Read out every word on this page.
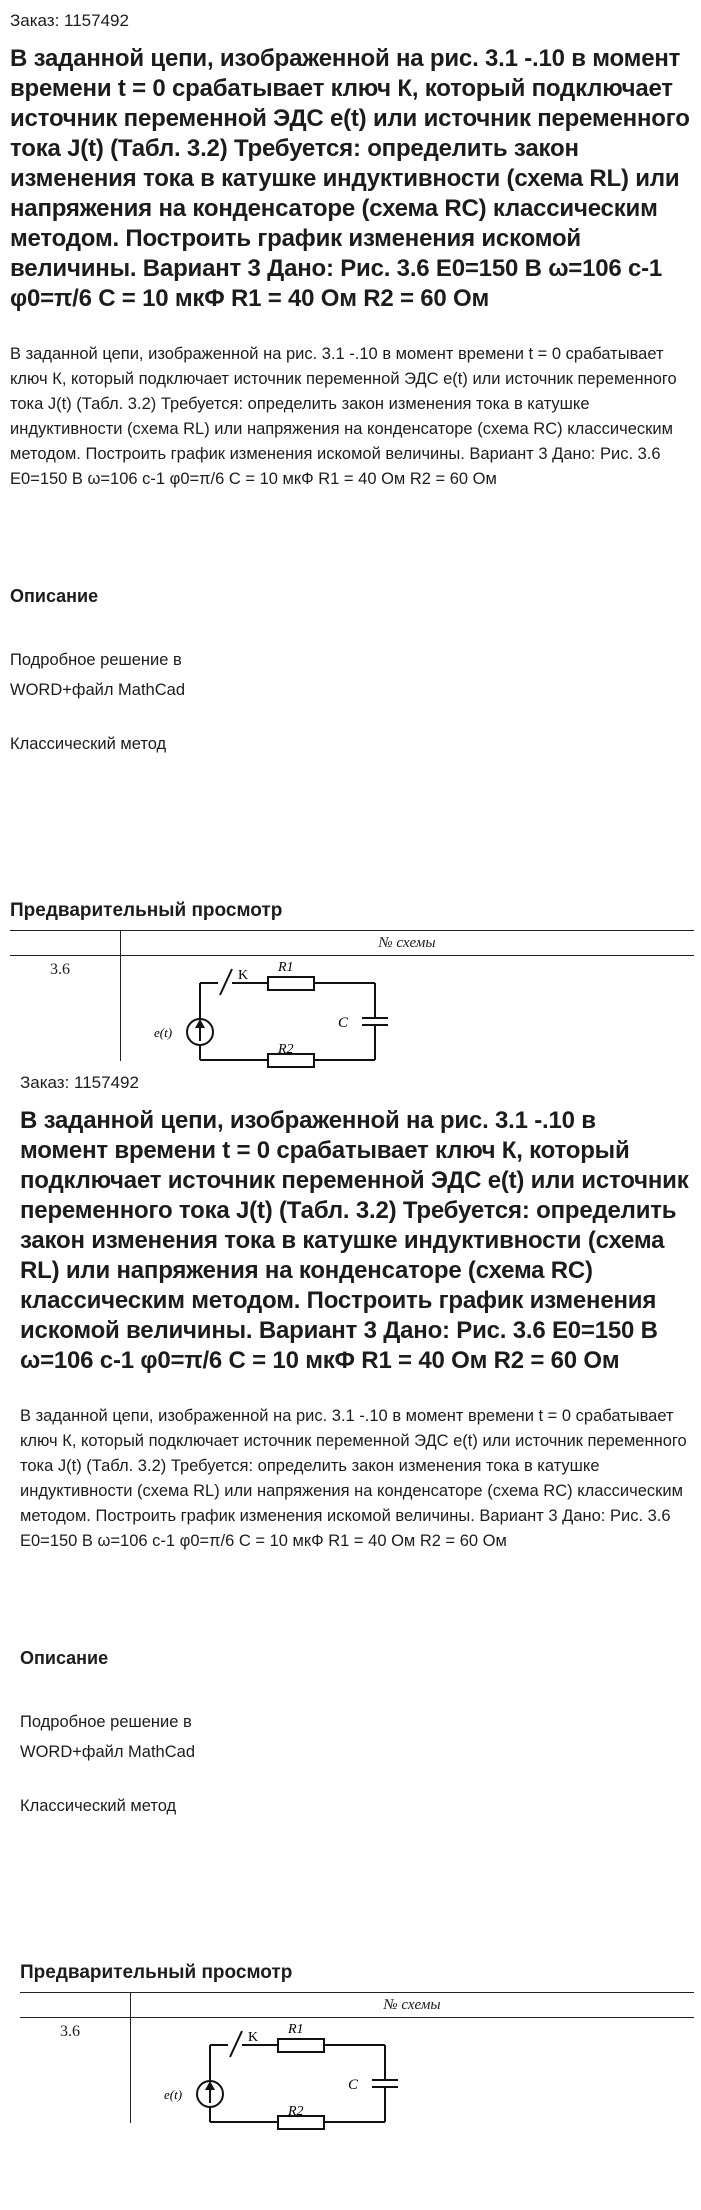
Заказ: 1157492
В заданной цепи, изображенной на рис. 3.1 -.10 в момент времени t = 0 срабатывает ключ К, который подключает источник переменной ЭДС e(t) или источник переменного тока J(t) (Табл. 3.2) Требуется: определить закон изменения тока в катушке индуктивности (схема RL) или напряжения на конденсаторе (схема RC) классическим методом. Построить график изменения искомой величины. Вариант 3 Дано: Рис. 3.6 E0=150 В ω=106 с-1 φ0=π/6 C = 10 мкФ R1 = 40 Ом R2 = 60 Ом
В заданной цепи, изображенной на рис. 3.1 -.10 в момент времени t = 0 срабатывает ключ К, который подключает источник переменной ЭДС e(t) или источник переменного тока J(t) (Табл. 3.2) Требуется: определить закон изменения тока в катушке индуктивности (схема RL) или напряжения на конденсаторе (схема RC) классическим методом. Построить график изменения искомой величины. Вариант 3 Дано: Рис. 3.6 E0=150 В ω=106 с-1 φ0=π/6 C = 10 мкФ R1 = 40 Ом R2 = 60 Ом
Описание
Подробное решение в
WORD+файл MathCad
Классический метод
Предварительный просмотр
№ схемы
3.6	R1
R2
C
K
e(t)
Заказ: 1157492
В заданной цепи, изображенной на рис. 3.1 -.10 в момент времени t = 0 срабатывает ключ К, который подключает источник переменной ЭДС e(t) или источник переменного тока J(t) (Табл. 3.2) Требуется: определить закон изменения тока в катушке индуктивности (схема RL) или напряжения на конденсаторе (схема RC) классическим методом. Построить график изменения искомой величины. Вариант 3 Дано: Рис. 3.6 E0=150 В ω=106 с-1 φ0=π/6 C = 10 мкФ R1 = 40 Ом R2 = 60 Ом
В заданной цепи, изображенной на рис. 3.1 -.10 в момент времени t = 0 срабатывает ключ К, который подключает источник переменной ЭДС e(t) или источник переменного тока J(t) (Табл. 3.2) Требуется: определить закон изменения тока в катушке индуктивности (схема RL) или напряжения на конденсаторе (схема RC) классическим методом. Построить график изменения искомой величины. Вариант 3 Дано: Рис. 3.6 E0=150 В ω=106 с-1 φ0=π/6 C = 10 мкФ R1 = 40 Ом R2 = 60 Ом
Описание
Подробное решение в
WORD+файл MathCad
Классический метод
Предварительный просмотр
№ схемы
3.6	R1
R2
C
K
e(t)
